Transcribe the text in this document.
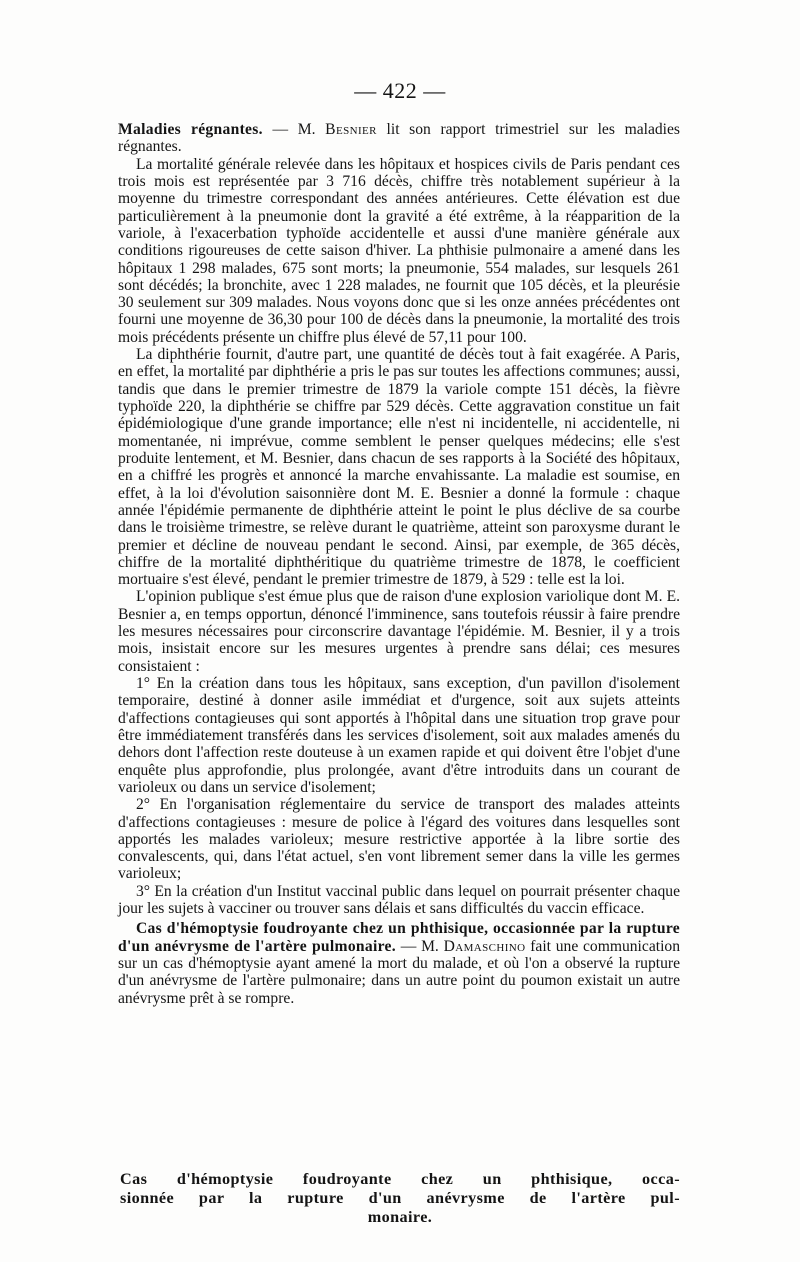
— 422 —

Maladies régnantes. — M. Besnier lit son rapport trimestriel sur les maladies régnantes.

La mortalité générale relevée dans les hôpitaux et hospices civils de Paris pendant ces trois mois est représentée par 3 716 décès, chiffre très notablement supérieur à la moyenne du trimestre correspondant des années antérieures. Cette élévation est due particulièrement à la pneumonie dont la gravité a été extrême, à la réapparition de la variole, à l'exacerbation typhoïde accidentelle et aussi d'une manière générale aux conditions rigoureuses de cette saison d'hiver. La phthisie pulmonaire a amené dans les hôpitaux 1 298 malades, 675 sont morts; la pneumonie, 554 malades, sur lesquels 261 sont décédés; la bronchite, avec 1 228 malades, ne fournit que 105 décès, et la pleurésie 30 seulement sur 309 malades. Nous voyons donc que si les onze années précédentes ont fourni une moyenne de 36,30 pour 100 de décès dans la pneumonie, la mortalité des trois mois précédents présente un chiffre plus élevé de 57,11 pour 100.

La diphthérie fournit, d'autre part, une quantité de décès tout à fait exagérée. A Paris, en effet, la mortalité par diphthérie a pris le pas sur toutes les affections communes; aussi, tandis que dans le premier trimestre de 1879 la variole compte 151 décès, la fièvre typhoïde 220, la diphthérie se chiffre par 529 décès. Cette aggravation constitue un fait épidémiologique d'une grande importance; elle n'est ni incidentelle, ni accidentelle, ni momentanée, ni imprévue, comme semblent le penser quelques médecins; elle s'est produite lentement, et M. Besnier, dans chacun de ses rapports à la Société des hôpitaux, en a chiffré les progrès et annoncé la marche envahissante. La maladie est soumise, en effet, à la loi d'évolution saisonnière dont M. E. Besnier a donné la formule : chaque année l'épidémie permanente de diphthérie atteint le point le plus déclive de sa courbe dans le troisième trimestre, se relève durant le quatrième, atteint son paroxysme durant le premier et décline de nouveau pendant le second. Ainsi, par exemple, de 365 décès, chiffre de la mortalité diphthéritique du quatrième trimestre de 1878, le coefficient mortuaire s'est élevé, pendant le premier trimestre de 1879, à 529 : telle est la loi.

L'opinion publique s'est émue plus que de raison d'une explosion variolique dont M. E. Besnier a, en temps opportun, dénoncé l'imminence, sans toutefois réussir à faire prendre les mesures nécessaires pour circonscrire davantage l'épidémie. M. Besnier, il y a trois mois, insistait encore sur les mesures urgentes à prendre sans délai; ces mesures consistaient :

1° En la création dans tous les hôpitaux, sans exception, d'un pavillon d'isolement temporaire, destiné à donner asile immédiat et d'urgence, soit aux sujets atteints d'affections contagieuses qui sont apportés à l'hôpital dans une situation trop grave pour être immédiatement transférés dans les services d'isolement, soit aux malades amenés du dehors dont l'affection reste douteuse à un examen rapide et qui doivent être l'objet d'une enquête plus approfondie, plus prolongée, avant d'être introduits dans un courant de varioleux ou dans un service d'isolement;

2° En l'organisation réglementaire du service de transport des malades atteints d'affections contagieuses : mesure de police à l'égard des voitures dans lesquelles sont apportés les malades varioleux; mesure restrictive apportée à la libre sortie des convalescents, qui, dans l'état actuel, s'en vont librement semer dans la ville les germes varioleux;

3° En la création d'un Institut vaccinal public dans lequel on pourrait présenter chaque jour les sujets à vacciner ou trouver sans délais et sans difficultés du vaccin efficace.

Cas d'hémoptysie foudroyante chez un phthisique, occasionnée par la rupture d'un anévrysme de l'artère pulmonaire. — M. Damaschino fait une communication sur un cas d'hémoptysie ayant amené la mort du malade, et où l'on a observé la rupture d'un anévrysme de l'artère pulmonaire; dans un autre point du poumon existait un autre anévrysme prêt à se rompre.

Cas d'hémoptysie foudroyante chez un phthisique, occa-
sionnée par la rupture d'un anévrysme de l'artère pul-
monaire.
